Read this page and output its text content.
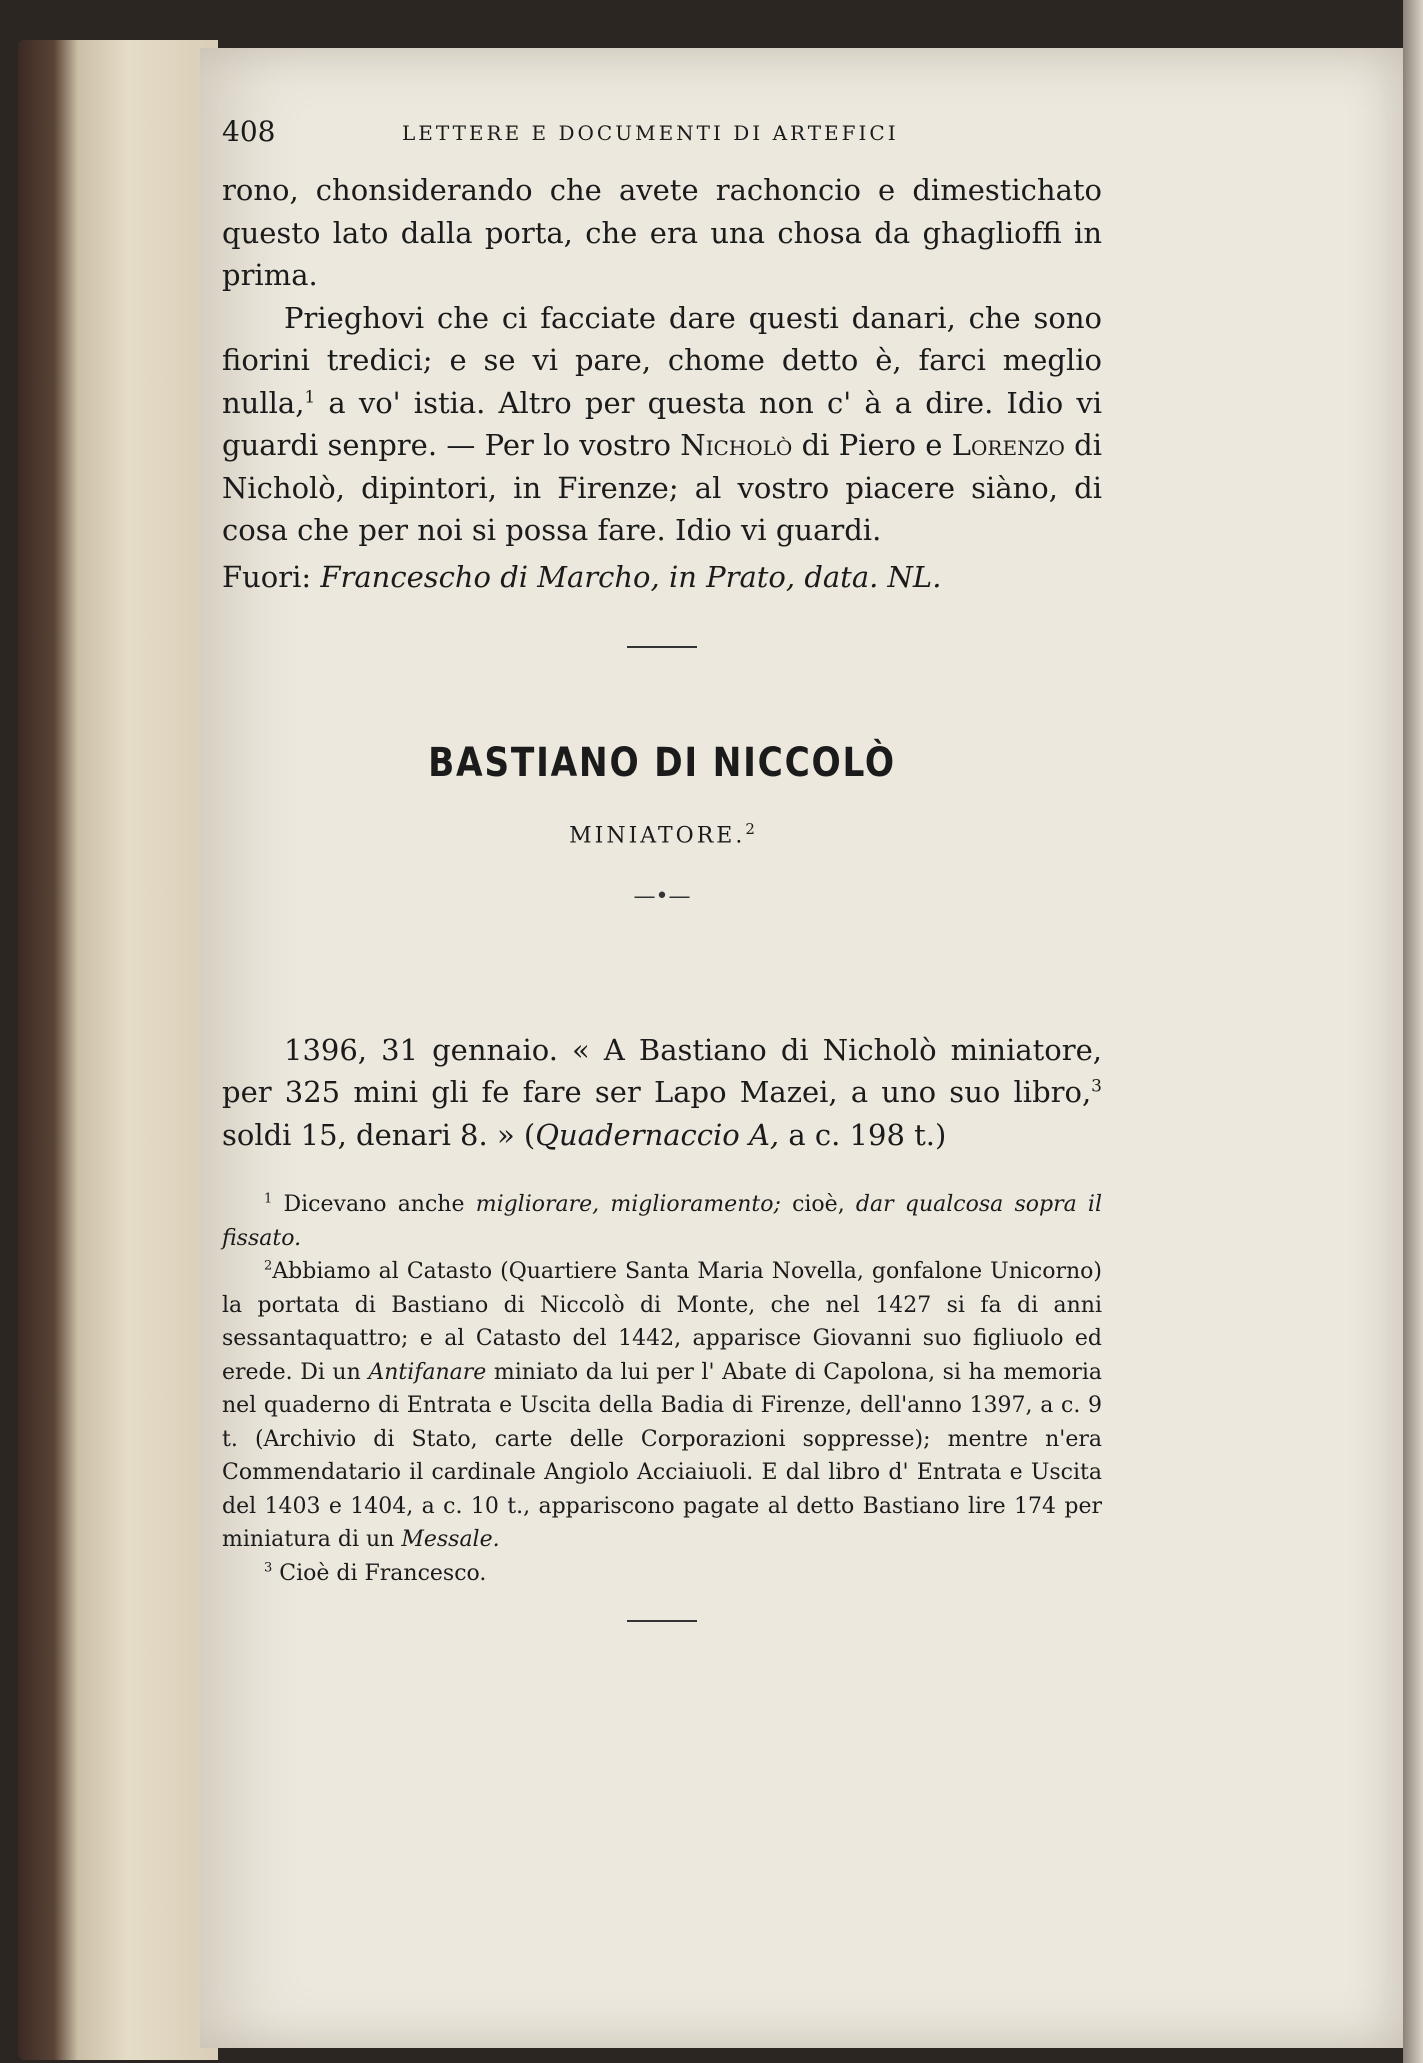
408	LETTERE E DOCUMENTI DI ARTEFICI

rono, chonsiderando che avete rachoncio e dimestichato questo lato dalla porta, che era una chosa da ghagliofﬁ in prima.

Prieghovi che ci facciate dare questi danari, che sono fiorini tredici; e se vi pare, chome detto è, farci meglio nulla,$^1$ a vo' istia. Altro per questa non c' à a dire. Idio vi guardi senpre. — Per lo vostro Nicholò di Piero e Lorenzo di Nicholò, dipintori, in Firenze; al vostro piacere siàno, di cosa che per noi si possa fare. Idio vi guardi.

Fuori: Francescho di Marcho, in Prato, data. NL.
BASTIANO DI NICCOLÒ
MINIATORE.$^2$
—•—

1396, 31 gennaio. « A Bastiano di Nicholò miniatore, per 325 mini gli fe fare ser Lapo Mazei, a uno suo libro,$^3$ soldi 15, denari 8. » (Quadernaccio A, a c. 198 t.)

$^1$ Dicevano anche migliorare, miglioramento; cioè, dar qualcosa sopra il fissato.

$^2$Abbiamo al Catasto (Quartiere Santa Maria Novella, gonfalone Unicorno) la portata di Bastiano di Niccolò di Monte, che nel 1427 si fa di anni sessantaquattro; e al Catasto del 1442, apparisce Giovanni suo figliuolo ed erede. Di un Antifanare miniato da lui per l' Abate di Capolona, si ha memoria nel quaderno di Entrata e Uscita della Badia di Firenze, dell'anno 1397, a c. 9 t. (Archivio di Stato, carte delle Corporazioni soppresse); mentre n'era Commendatario il cardinale Angiolo Acciaiuoli. E dal libro d' Entrata e Uscita del 1403 e 1404, a c. 10 t., appariscono pagate al detto Bastiano lire 174 per miniatura di un Messale.

$^3$ Cioè di Francesco.
